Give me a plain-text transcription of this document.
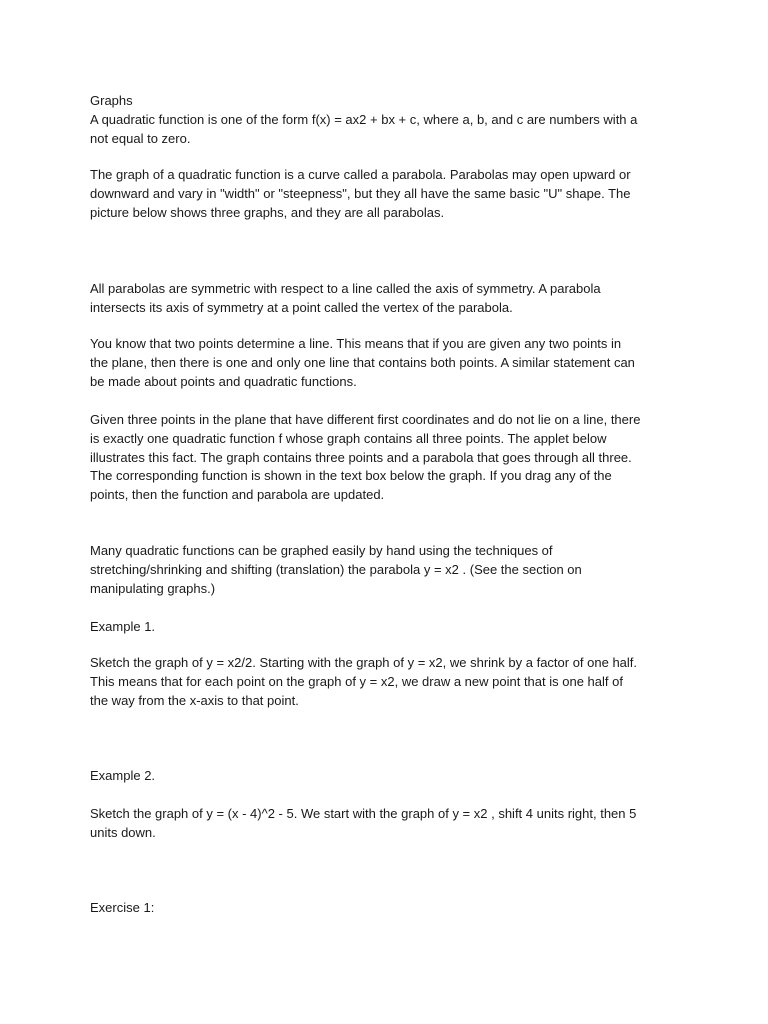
Graphs

A quadratic function is one of the form f(x) = ax2 + bx + c, where a, b, and c are numbers with a

not equal to zero.

The graph of a quadratic function is a curve called a parabola. Parabolas may open upward or

downward and vary in "width" or "steepness", but they all have the same basic "U" shape. The

picture below shows three graphs, and they are all parabolas.

All parabolas are symmetric with respect to a line called the axis of symmetry. A parabola

intersects its axis of symmetry at a point called the vertex of the parabola.

You know that two points determine a line. This means that if you are given any two points in

the plane, then there is one and only one line that contains both points. A similar statement can

be made about points and quadratic functions.

Given three points in the plane that have different first coordinates and do not lie on a line, there

is exactly one quadratic function f whose graph contains all three points. The applet below

illustrates this fact. The graph contains three points and a parabola that goes through all three.

The corresponding function is shown in the text box below the graph. If you drag any of the

points, then the function and parabola are updated.

Many quadratic functions can be graphed easily by hand using the techniques of

stretching/shrinking and shifting (translation) the parabola y = x2 . (See the section on

manipulating graphs.)

Example 1.

Sketch the graph of y = x2/2. Starting with the graph of y = x2, we shrink by a factor of one half.

This means that for each point on the graph of y = x2, we draw a new point that is one half of

the way from the x-axis to that point.

Example 2.

Sketch the graph of y = (x - 4)^2 - 5. We start with the graph of y = x2 , shift 4 units right, then 5

units down.

Exercise 1:
